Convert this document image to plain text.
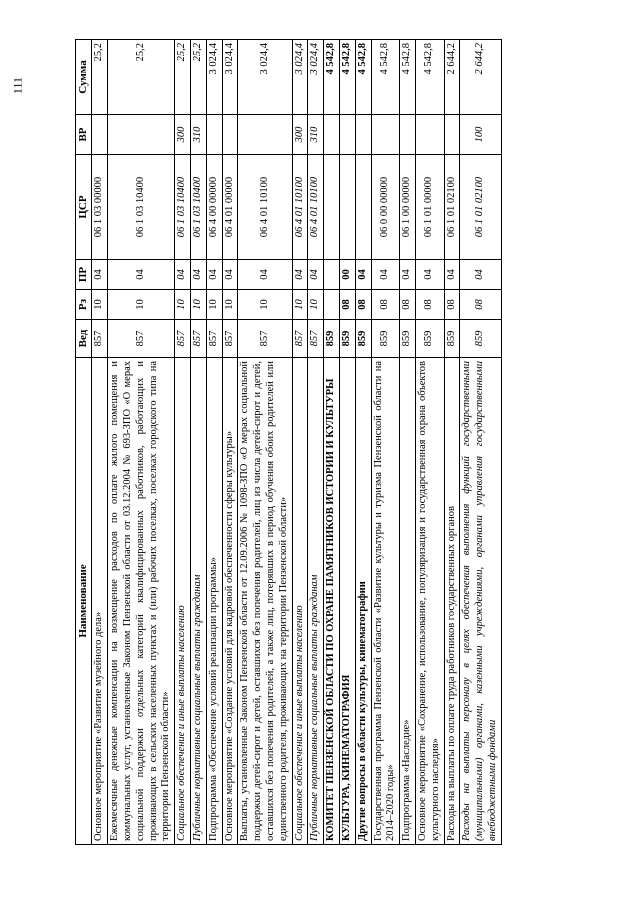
111
Наименование	Вед	Рз	ПР	ЦСР	ВР	Сумма
Основное мероприятие «Развитие музейного дела»	857	10	04	06 1 03 00000		25,2
Ежемесячные денежные компенсации на возмещение расходов по оплате жилого помещения и коммунальных услуг, установленные Законом Пензенской области от 03.12.2004 № 693-ЗПО «О мерах социальной поддержки отдельных категорий квалифицированных работников, работающих и проживающих в сельских населенных пунктах и (или) рабочих поселках, поселках городского типа на территории Пензенской области»	857	10	04	06 1 03 10400		25,2
Социальное обеспечение и иные выплаты населению	857	10	04	06 1 03 10400	300	25,2
Публичные нормативные социальные выплаты гражданам	857	10	04	06 1 03 10400	310	25,2
Подпрограмма «Обеспечение условий реализации программы»	857	10	04	06 4 00 00000		3 024,4
Основное мероприятие «Создание условий для кадровой обеспеченности сферы культуры»	857	10	04	06 4 01 00000		3 024,4
Выплаты, установленные Законом Пензенской области от 12.09.2006 № 1098-ЗПО «О мерах социальной поддержки детей-сирот и детей, оставшихся без попечения родителей, лиц из числа детей-сирот и детей, оставшихся без попечения родителей, а также лиц, потерявших в период обучения обоих родителей или единственного родителя, проживающих на территории Пензенской области»	857	10	04	06 4 01 10100		3 024,4
Социальное обеспечение и иные выплаты населению	857	10	04	06 4 01 10100	300	3 024,4
Публичные нормативные социальные выплаты гражданам	857	10	04	06 4 01 10100	310	3 024,4
КОМИТЕТ ПЕНЗЕНСКОЙ ОБЛАСТИ ПО ОХРАНЕ ПАМЯТНИКОВ ИСТОРИИ И КУЛЬТУРЫ	859					4 542,8
КУЛЬТУРА, КИНЕМАТОГРАФИЯ	859	08	00			4 542,8
Другие вопросы в области культуры, кинематографии	859	08	04			4 542,8
Государственная программа Пензенской области «Развитие культуры и туризма Пензенской области на 2014–2020 годы»	859	08	04	06 0 00 00000		4 542,8
Подпрограмма «Наследие»	859	08	04	06 1 00 00000		4 542,8
Основное мероприятие «Сохранение, использование, популяризация и государственная охрана объектов культурного наследия»	859	08	04	06 1 01 00000		4 542,8
Расходы на выплаты по оплате труда работников государственных органов	859	08	04	06 1 01 02100		2 644,2
Расходы на выплаты персоналу в целях обеспечения выполнения функций государственными (муниципальными) органами, казенными учреждениями, органами управления государственными внебюджетными фондами	859	08	04	06 1 01 02100	100	2 644,2
